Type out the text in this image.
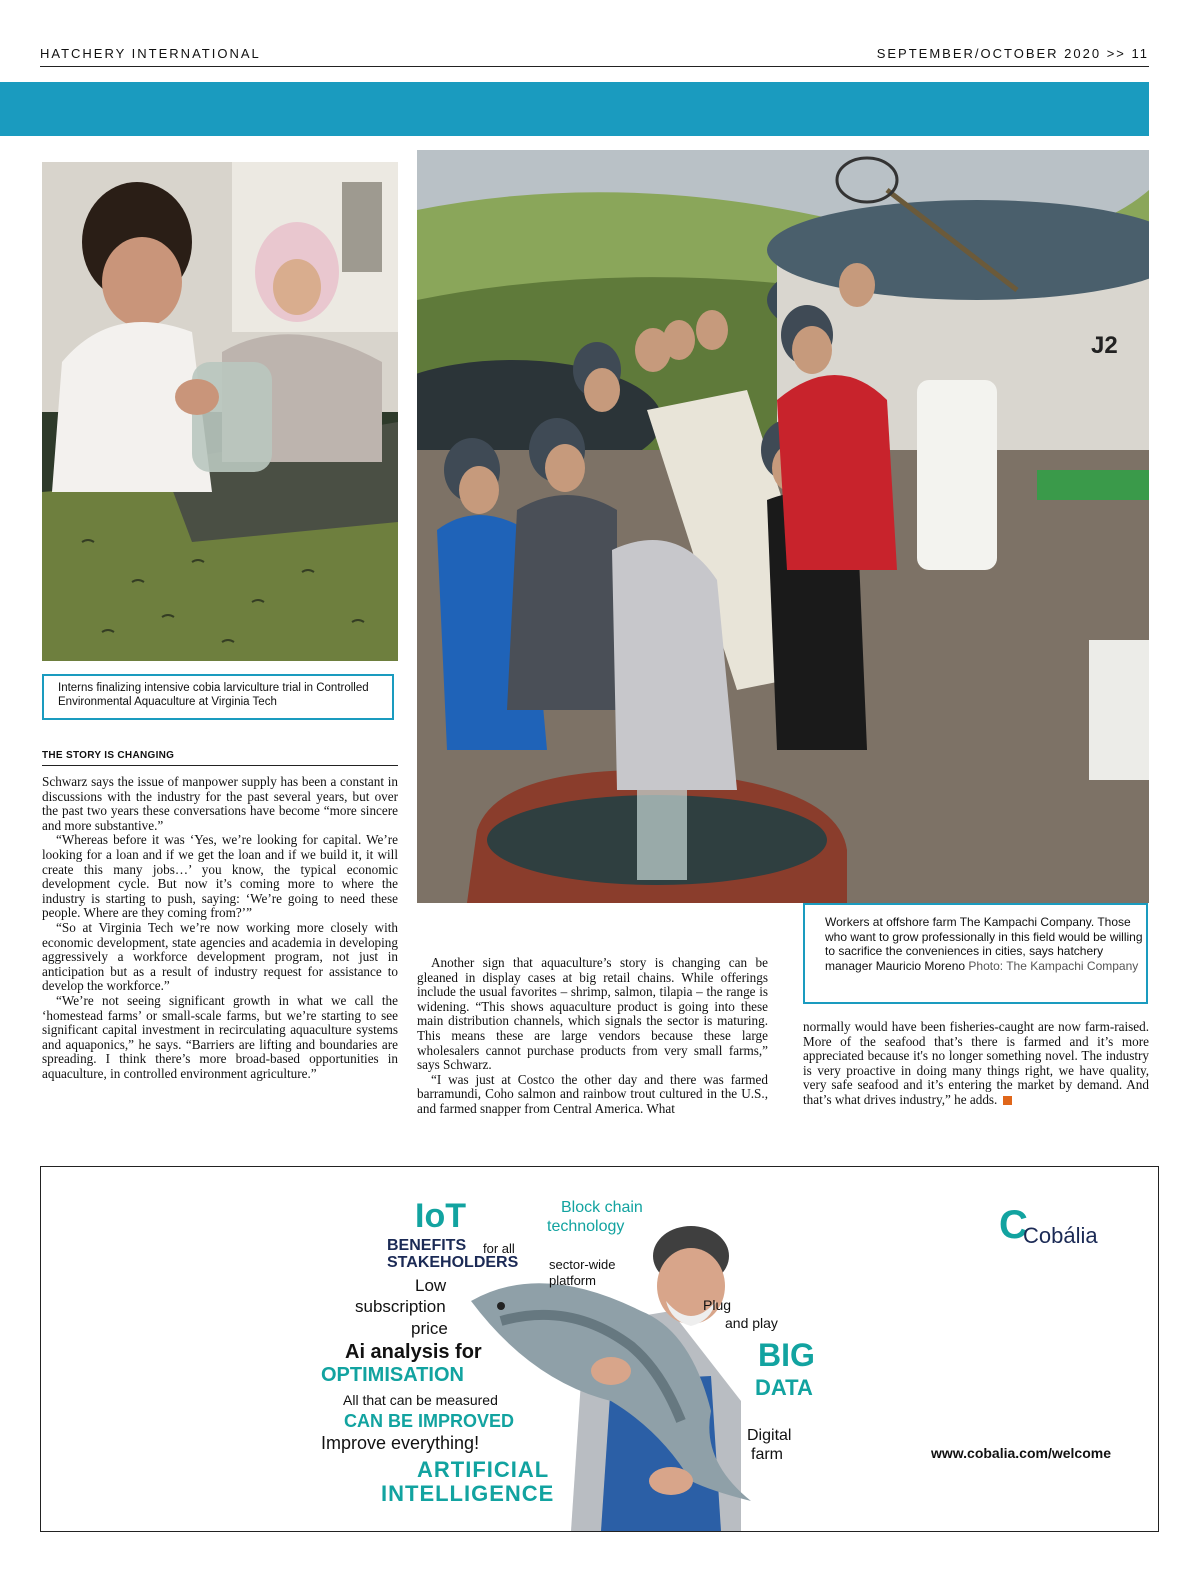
HATCHERY INTERNATIONAL	SEPTEMBER/OCTOBER 2020 >> 11
Interns finalizing intensive cobia larviculture trial in Controlled Environmental Aquaculture at Virginia Tech
J2
Workers at offshore farm The Kampachi Company. Those who want to grow professionally in this field would be willing to sacrifice the conveniences in cities, says hatchery manager Mauricio Moreno Photo: The Kampachi Company
THE STORY IS CHANGING

Schwarz says the issue of manpower supply has been a constant in discussions with the industry for the past several years, but over the past two years these conversations have become “more sincere and more substantive.”

“Whereas before it was ‘Yes, we’re looking for capital. We’re looking for a loan and if we get the loan and if we build it, it will create this many jobs…’ you know, the typical economic development cycle. But now it’s coming more to where the industry is starting to push, saying: ‘We’re going to need these people. Where are they coming from?’”

“So at Virginia Tech we’re now working more closely with economic development, state agencies and academia in developing aggressively a workforce development program, not just in anticipation but as a result of industry request for assistance to develop the workforce.”

“We’re not seeing significant growth in what we call the ‘homestead farms’ or small-scale farms, but we’re starting to see significant capital investment in recirculating aquaculture systems and aquaponics,” he says. “Barriers are lifting and boundaries are spreading. I think there’s more broad-based opportunities in aquaculture, in controlled environment agriculture.”

Another sign that aquaculture’s story is changing can be gleaned in display cases at big retail chains. While offerings include the usual favorites – shrimp, salmon, tilapia – the range is widening. “This shows aquaculture product is going into these main distribution channels, which signals the sector is maturing. This means these are large vendors because these large wholesalers cannot purchase products from very small farms,” says Schwarz.

“I was just at Costco the other day and there was farmed barramundi, Coho salmon and rainbow trout cultured in the U.S., and farmed snapper from Central America. What

normally would have been fisheries-caught are now farm-raised. More of the seafood that’s there is farmed and it’s more appreciated because it's no longer something novel. The industry is very proactive in doing many things right, we have quality, very safe seafood and it’s entering the market by demand. And that’s what drives industry,” he adds.

IoT
BENEFITS for all
STAKEHOLDERS
Low
subscription
price
Ai analysis for
OPTIMISATION
All that can be measured
CAN BE IMPROVED
Improve everything!
ARTIFICIAL
INTELLIGENCE
Block chain
technology
sector-wide
platform
Plug
and play
BIG
DATA
Digital
farm
C
Cobália
www.cobalia.com/welcome
